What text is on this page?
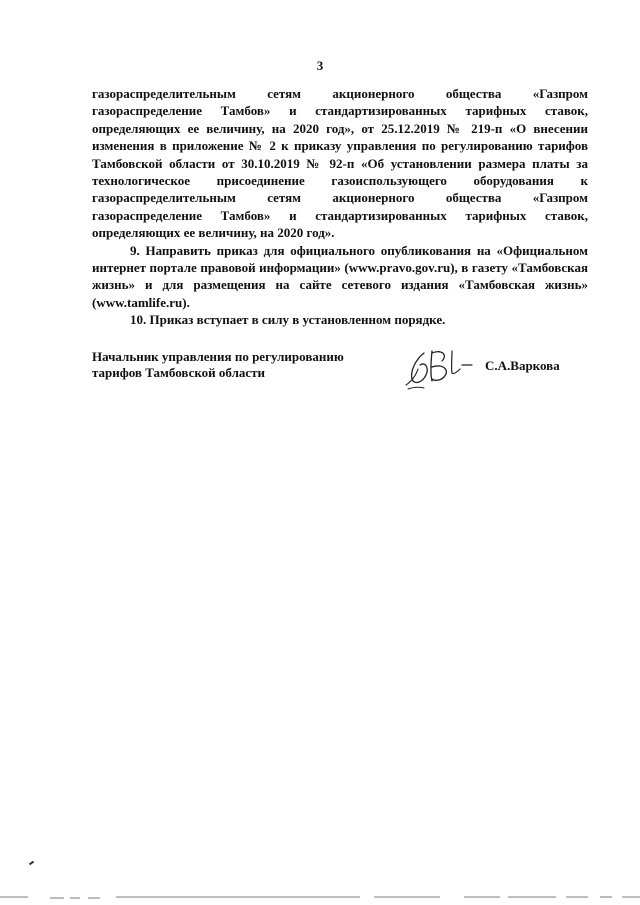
3

газораспределительным сетям акционерного общества «Газпром газораспределение Тамбов» и стандартизированных тарифных ставок, определяющих ее величину, на 2020 год», от 25.12.2019 № 219-п «О внесении изменения в приложение № 2 к приказу управления по регулированию тарифов Тамбовской области от 30.10.2019 № 92-п «Об установлении размера платы за технологическое присоединение газоиспользующего оборудования к газораспределительным сетям акционерного общества «Газпром газораспределение Тамбов» и стандартизированных тарифных ставок, определяющих ее величину, на 2020 год».

9. Направить приказ для официального опубликования на «Официальном интернет портале правовой информации» (www.pravo.gov.ru), в газету «Тамбовская жизнь» и для размещения на сайте сетевого издания «Тамбовская жизнь» (www.tamlife.ru).

10. Приказ вступает в силу в установленном порядке.

Начальник управления по регулированию
тарифов Тамбовской области	С.А.Варкова
